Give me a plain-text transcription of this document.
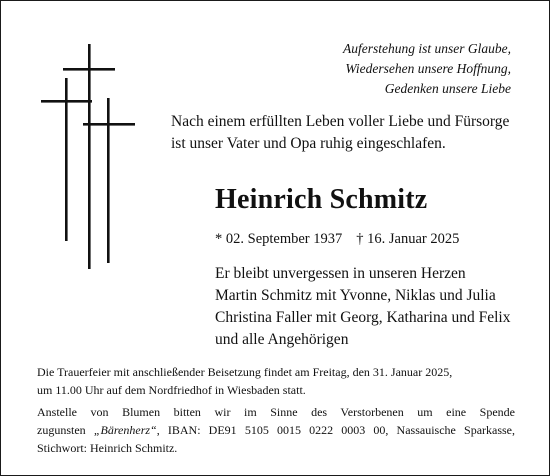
Auferstehung ist unser Glaube,
Wiedersehen unsere Hoffnung,
Gedenken unsere Liebe
Nach einem erfüllten Leben voller Liebe und Fürsorge
ist unser Vater und Opa ruhig eingeschlafen.
Heinrich Schmitz
* 02. September 1937 † 16. Januar 2025
Er bleibt unvergessen in unseren Herzen
Martin Schmitz mit Yvonne, Niklas und Julia
Christina Faller mit Georg, Katharina und Felix
und alle Angehörigen
Die Trauerfeier mit anschließender Beisetzung findet am Freitag, den 31. Januar 2025,
um 11.00 Uhr auf dem Nordfriedhof in Wiesbaden statt.
Anstelle von Blumen bitten wir im Sinne des Verstorbenen um eine Spende
zugunsten „Bärenherz“, IBAN: DE91 5105 0015 0222 0003 00, Nassauische Sparkasse,
Stichwort: Heinrich Schmitz.
